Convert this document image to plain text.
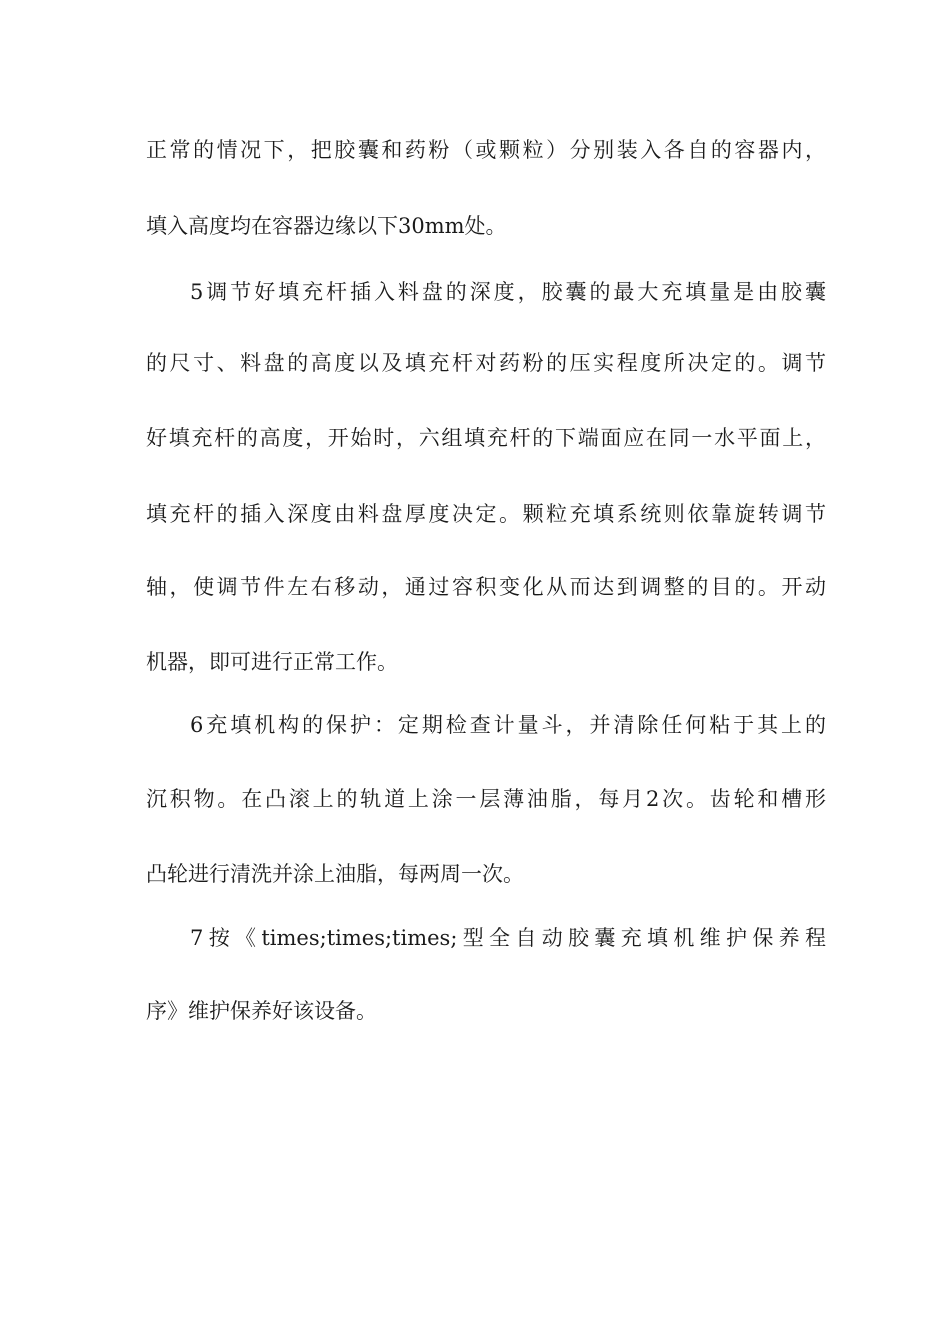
正常的情况下，把胶囊和药粉（或颗粒）分别装入各自的容器内，
填入高度均在容器边缘以下30mm处。
5调节好填充杆插入料盘的深度，胶囊的最大充填量是由胶囊
的尺寸、料盘的高度以及填充杆对药粉的压实程度所决定的。调节
好填充杆的高度，开始时，六组填充杆的下端面应在同一水平面上，
填充杆的插入深度由料盘厚度决定。颗粒充填系统则依靠旋转调节
轴，使调节件左右移动，通过容积变化从而达到调整的目的。开动
机器，即可进行正常工作。
6充填机构的保护：定期检查计量斗，并清除任何粘于其上的
沉积物。在凸滚上的轨道上涂一层薄油脂，每月2次。齿轮和槽形
凸轮进行清洗并涂上油脂，每两周一次。
7按《times;times;times;型全自动胶囊充填机维护保养程
序》维护保养好该设备。
